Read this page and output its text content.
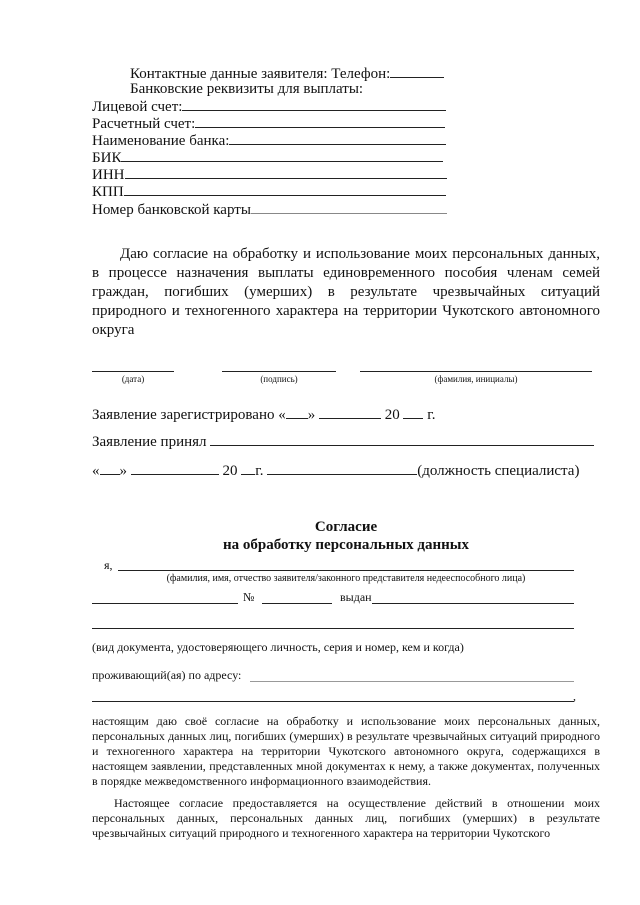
Контактные данные заявителя: Телефон:
Банковские реквизиты для выплаты:
Лицевой счет:
Расчетный счет:
Наименование банка:
БИК
ИНН
КПП
Номер банковской карты
Даю согласие на обработку и использование моих персональных данных, в процессе назначения выплаты единовременного пособия членам семей граждан, погибших (умерших) в результате чрезвычайных ситуаций природного и техногенного характера на территории Чукотского автономного округа
(дата)	(подпись)	(фамилия, инициалы)
Заявление зарегистрировано « »	20 г.
Заявление принял
« »	20 г.	(должность специалиста)
Согласие
на обработку персональных данных
я,
(фамилия, имя, отчество заявителя/законного представителя недееспособного лица)
№	выдан
(вид документа, удостоверяющего личность, серия и номер, кем и когда)
проживающий(ая) по адресу:
,
настоящим даю своё согласие на обработку и использование моих персональных данных, персональных данных лиц, погибших (умерших) в результате чрезвычайных ситуаций природного и техногенного характера на территории Чукотского автономного округа, содержащихся в настоящем заявлении, представленных мной документах к нему, а также документах, полученных в порядке межведомственного информационного взаимодействия.
Настоящее согласие предоставляется на осуществление действий в отношении моих персональных данных, персональных данных лиц, погибших (умерших) в результате чрезвычайных ситуаций природного и техногенного характера на территории Чукотского
